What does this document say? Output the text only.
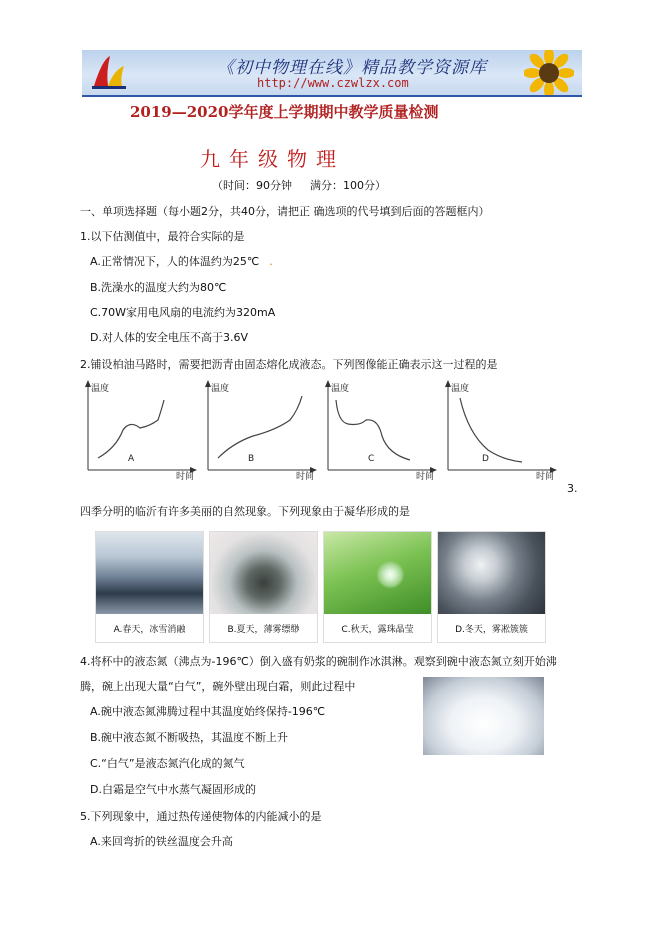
《初中物理在线》精品教学资源库
http://www.czwlzx.com
2019—2020学年度上学期期中教学质量检测
九年级物理
（时间：90分钟 满分：100分）
一、单项选择题（每小题2分，共40分，请把正 确选项的代号填到后面的答题框内）
1.以下估测值中，最符合实际的是
A.正常情况下，人的体温约为25℃ .
B.洗澡水的温度大约为80℃
C.70W家用电风扇的电流约为320mA
D.对人体的安全电压不高于3.6V
2.铺设柏油马路时，需要把沥青由固态熔化成液态。下列图像能正确表示这一过程的是
温度
时间
A
温度
时间
B
温度
时间
C
温度
时间
D
3.
四季分明的临沂有许多美丽的自然现象。下列现象由于凝华形成的是
A.春天，冰雪消融	B.夏天，薄雾缥缈	C.秋天，露珠晶莹	D.冬天，雾凇簇簇
4.将杯中的液态氮（沸点为-196℃）倒入盛有奶浆的碗制作冰淇淋。观察到碗中液态氮立刻开始沸
腾，碗上出现大量“白气”，碗外壁出现白霜，则此过程中
A.碗中液态氮沸腾过程中其温度始终保持-196℃
B.碗中液态氮不断吸热，其温度不断上升
C.“白气”是液态氮汽化成的氮气
D.白霜是空气中水蒸气凝固形成的
5.下列现象中，通过热传递使物体的内能减小的是
A.来回弯折的铁丝温度会升高
